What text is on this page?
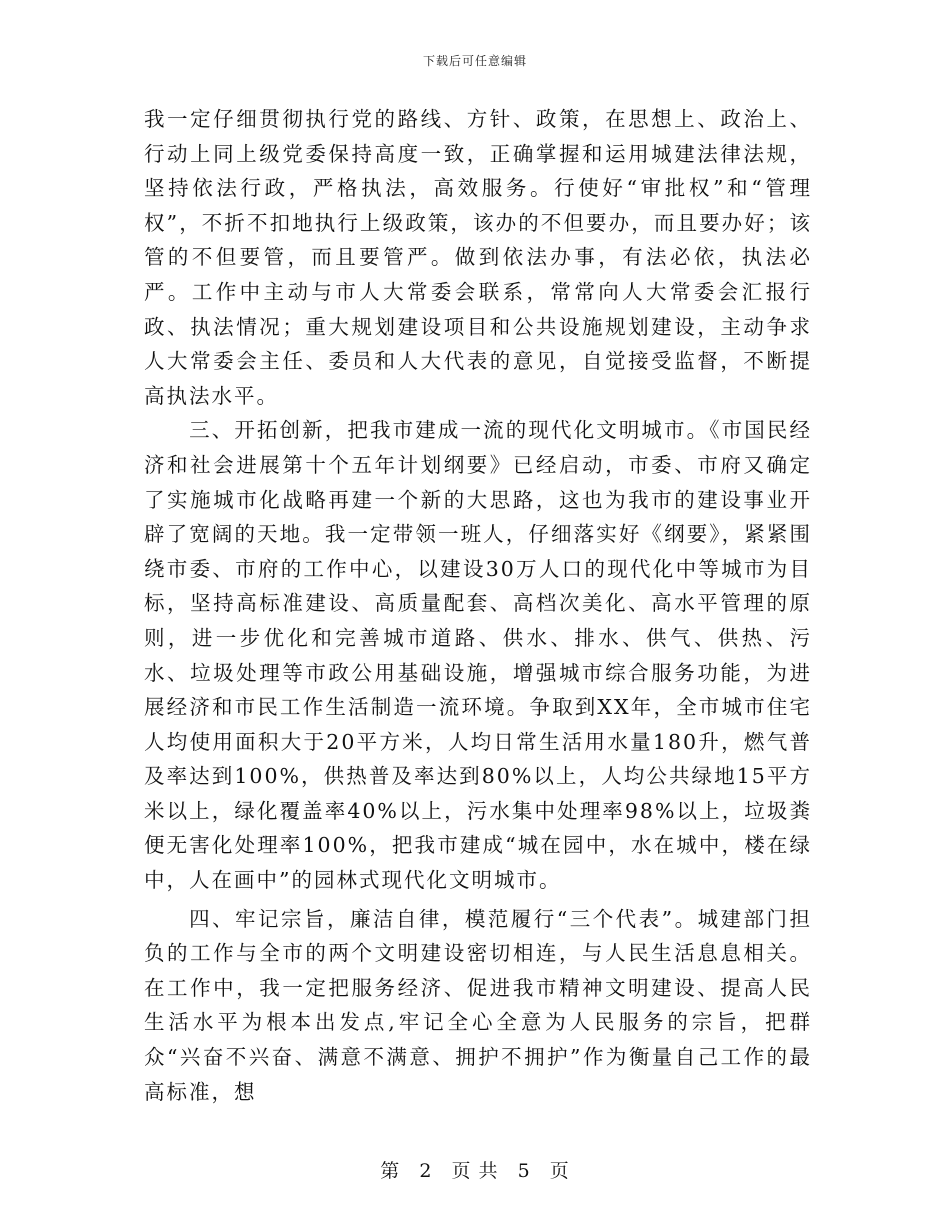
下载后可任意编辑

我一定仔细贯彻执行党的路线、方针、政策，在思想上、政治上、行动上同上级党委保持高度一致，正确掌握和运用城建法律法规，坚持依法行政，严格执法，高效服务。行使好“审批权”和“管理权”，不折不扣地执行上级政策，该办的不但要办，而且要办好；该管的不但要管，而且要管严。做到依法办事，有法必依，执法必严。工作中主动与市人大常委会联系，常常向人大常委会汇报行政、执法情况；重大规划建设项目和公共设施规划建设，主动争求人大常委会主任、委员和人大代表的意见，自觉接受监督，不断提高执法水平。

三、开拓创新，把我市建成一流的现代化文明城市。《市国民经济和社会进展第十个五年计划纲要》已经启动，市委、市府又确定了实施城市化战略再建一个新的大思路，这也为我市的建设事业开辟了宽阔的天地。我一定带领一班人，仔细落实好《纲要》，紧紧围绕市委、市府的工作中心，以建设30万人口的现代化中等城市为目标，坚持高标准建设、高质量配套、高档次美化、高水平管理的原则，进一步优化和完善城市道路、供水、排水、供气、供热、污水、垃圾处理等市政公用基础设施，增强城市综合服务功能，为进展经济和市民工作生活制造一流环境。争取到XX年，全市城市住宅人均使用面积大于20平方米，人均日常生活用水量180升，燃气普及率达到100%，供热普及率达到80%以上，人均公共绿地15平方米以上，绿化覆盖率40%以上，污水集中处理率98%以上，垃圾粪便无害化处理率100%，把我市建成“城在园中，水在城中，楼在绿中，人在画中”的园林式现代化文明城市。

四、牢记宗旨，廉洁自律，模范履行“三个代表”。城建部门担负的工作与全市的两个文明建设密切相连，与人民生活息息相关。在工作中，我一定把服务经济、促进我市精神文明建设、提高人民生活水平为根本出发点,牢记全心全意为人民服务的宗旨，把群众“兴奋不兴奋、满意不满意、拥护不拥护”作为衡量自己工作的最高标准，想

第 2 页 共 5 页
